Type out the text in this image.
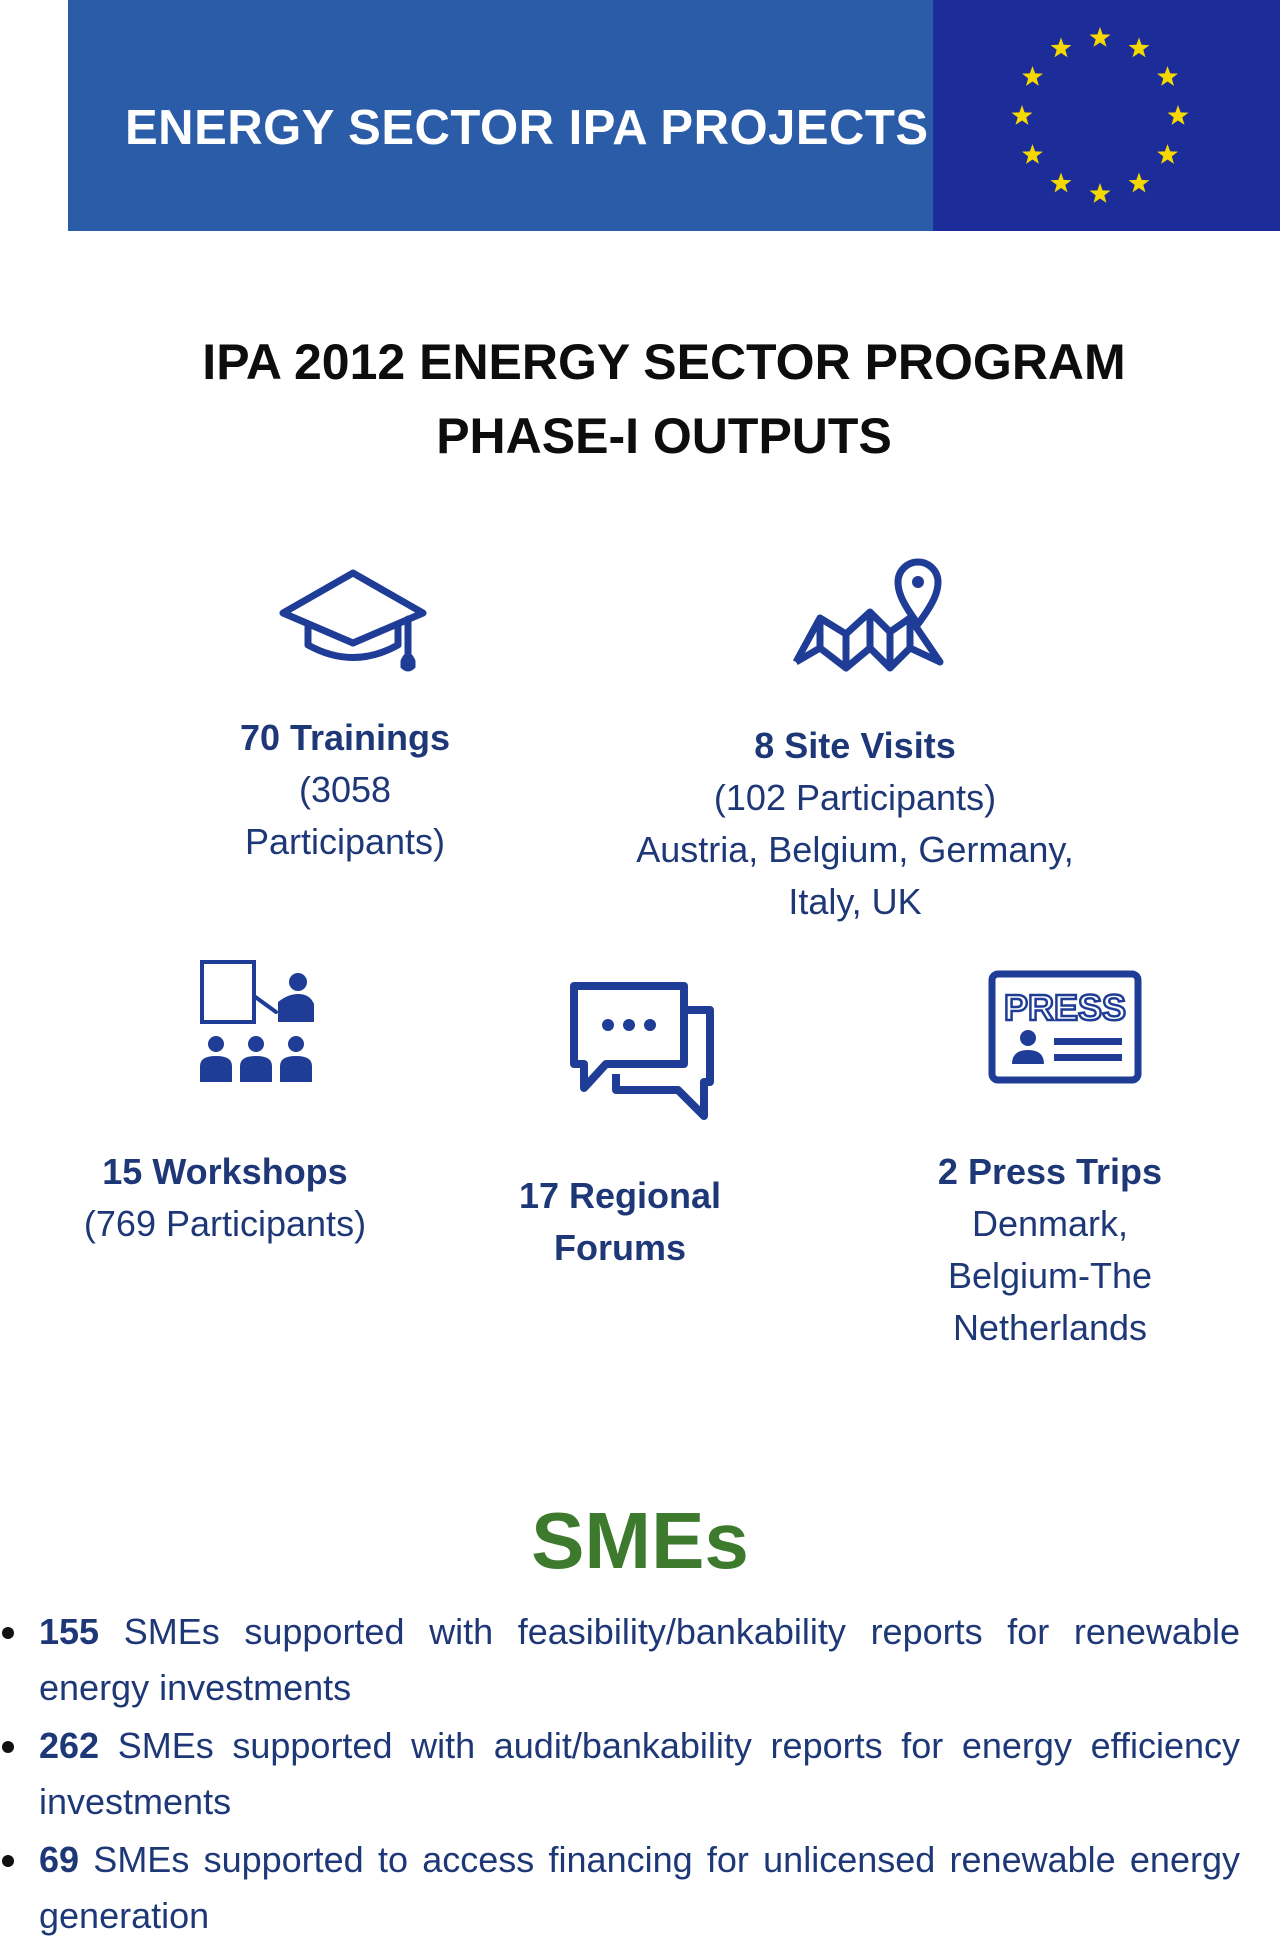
ENERGY SECTOR IPA PROJECTS
IPA 2012 ENERGY SECTOR PROGRAM
PHASE-I OUTPUTS
70 Trainings
(3058
Participants)
8 Site Visits
(102 Participants)
Austria, Belgium, Germany,
Italy, UK
15 Workshops
(769 Participants)
17 Regional
Forums
PRESS
2 Press Trips
Denmark,
Belgium-The
Netherlands
SMEs
155 SMEs supported with feasibility/bankability reports for renewable energy investments
262 SMEs supported with audit/bankability reports for energy efficiency investments
69 SMEs supported to access financing for unlicensed renewable energy generation
